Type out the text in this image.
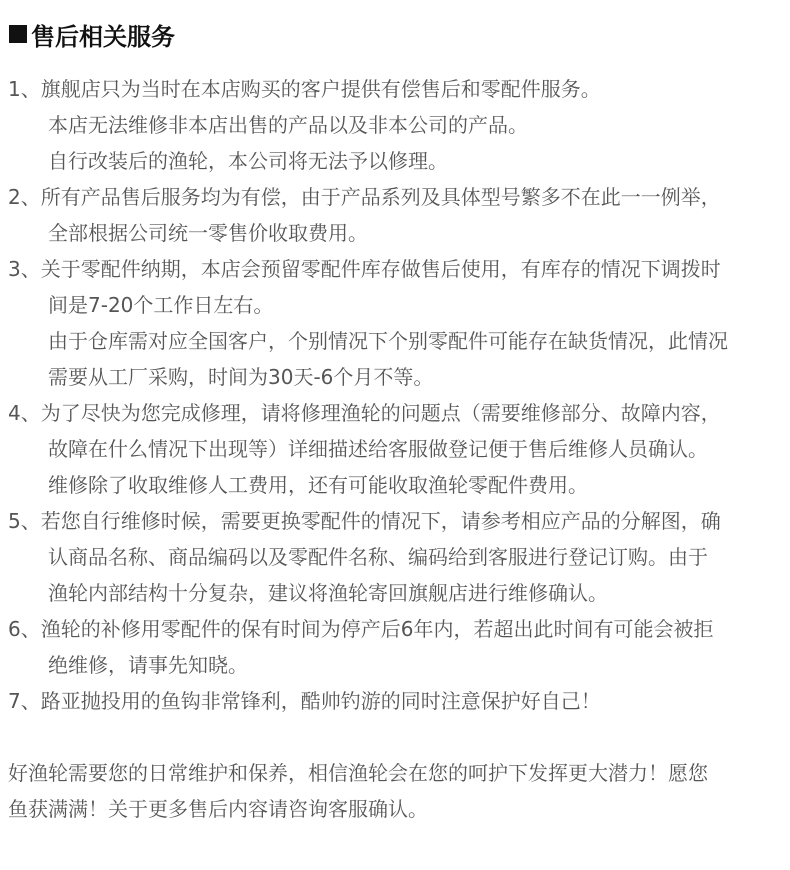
售后相关服务
1、旗舰店只为当时在本店购买的客户提供有偿售后和零配件服务。
本店无法维修非本店出售的产品以及非本公司的产品。
自行改装后的渔轮，本公司将无法予以修理。
2、所有产品售后服务均为有偿，由于产品系列及具体型号繁多不在此一一例举，
全部根据公司统一零售价收取费用。
3、关于零配件纳期，本店会预留零配件库存做售后使用，有库存的情况下调拨时
间是7-20个工作日左右。
由于仓库需对应全国客户，个别情况下个别零配件可能存在缺货情况，此情况
需要从工厂采购，时间为30天-6个月不等。
4、为了尽快为您完成修理，请将修理渔轮的问题点（需要维修部分、故障内容，
故障在什么情况下出现等）详细描述给客服做登记便于售后维修人员确认。
维修除了收取维修人工费用，还有可能收取渔轮零配件费用。
5、若您自行维修时候，需要更换零配件的情况下，请参考相应产品的分解图，确
认商品名称、商品编码以及零配件名称、编码给到客服进行登记订购。由于
渔轮内部结构十分复杂，建议将渔轮寄回旗舰店进行维修确认。
6、渔轮的补修用零配件的保有时间为停产后6年内，若超出此时间有可能会被拒
绝维修，请事先知晓。
7、路亚抛投用的鱼钩非常锋利，酷帅钓游的同时注意保护好自己！
好渔轮需要您的日常维护和保养，相信渔轮会在您的呵护下发挥更大潜力！愿您
鱼获满满！关于更多售后内容请咨询客服确认。
